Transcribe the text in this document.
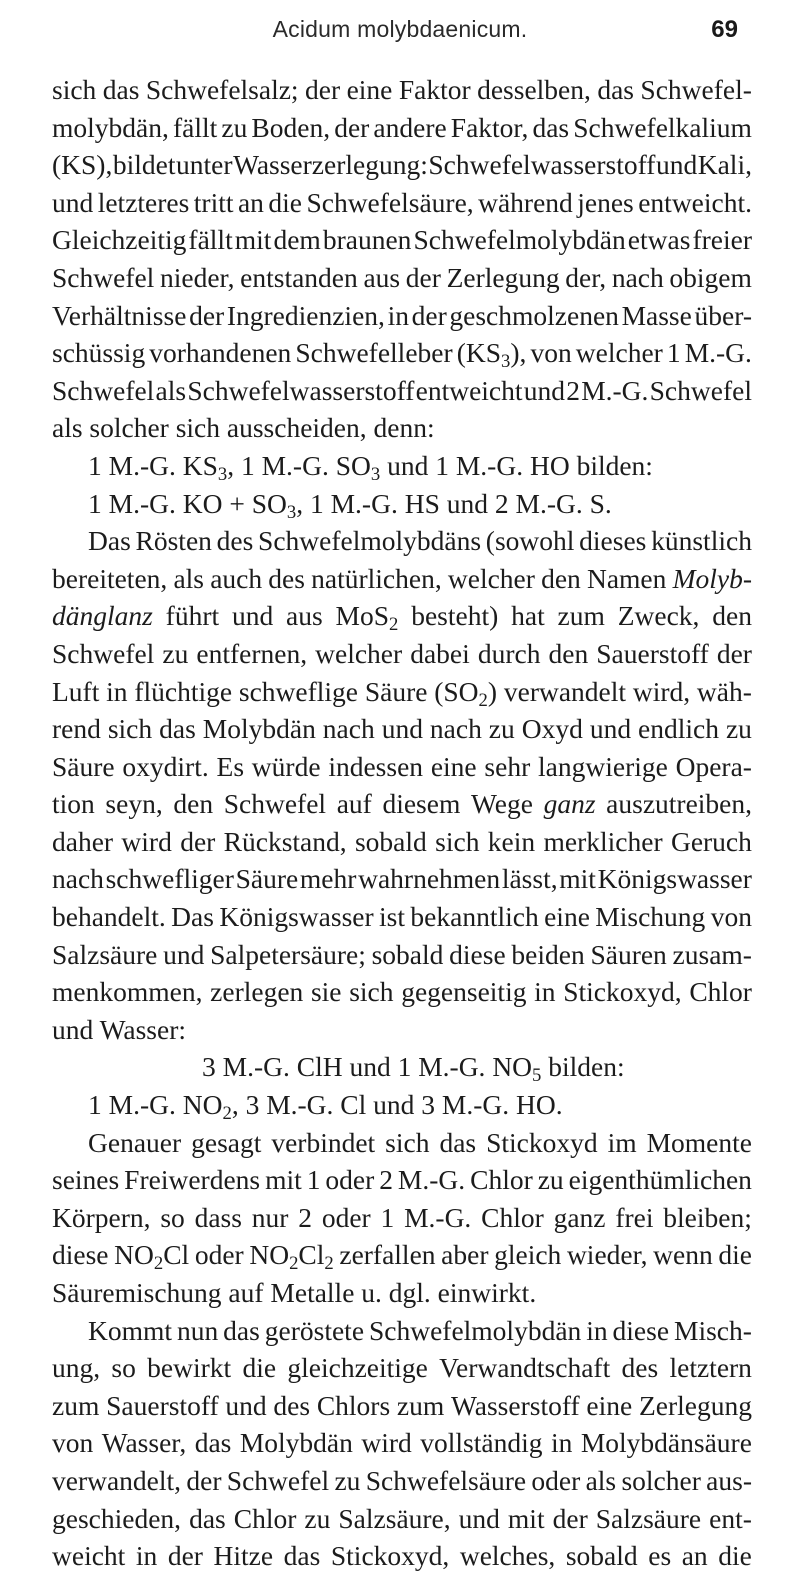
Acidum molybdaenicum.	69
sich das Schwefelsalz; der eine Faktor desselben, das Schwefel-
molybdän, fällt zu Boden, der andere Faktor, das Schwefelkalium
(KS), bildet unter Wasserzerlegung: Schwefelwasserstoff und Kali,
und letzteres tritt an die Schwefelsäure, während jenes entweicht.
Gleichzeitig fällt mit dem braunen Schwefelmolybdän etwas freier
Schwefel nieder, entstanden aus der Zerlegung der, nach obigem
Verhältnisse der Ingredienzien, in der geschmolzenen Masse über-
schüssig vorhandenen Schwefelleber $(KS_3)$, von welcher 1 M.-G.
Schwefel als Schwefelwasserstoff entweicht und 2 M.-G. Schwefel
als solcher sich ausscheiden, denn:
1 M.-G. $KS_3$, 1 M.-G. $SO_3$ und 1 M.-G. HO bilden:
1 M.-G. KO + $SO_3$, 1 M.-G. HS und 2 M.-G. S.
Das Rösten des Schwefelmolybdäns (sowohl dieses künstlich
bereiteten, als auch des natürlichen, welcher den Namen Molyb-
dänglanz führt und aus MoS$_2$ besteht) hat zum Zweck, den
Schwefel zu entfernen, welcher dabei durch den Sauerstoff der
Luft in flüchtige schweflige Säure $(SO_2)$ verwandelt wird, wäh-
rend sich das Molybdän nach und nach zu Oxyd und endlich zu
Säure oxydirt. Es würde indessen eine sehr langwierige Opera-
tion seyn, den Schwefel auf diesem Wege ganz auszutreiben,
daher wird der Rückstand, sobald sich kein merklicher Geruch
nach schwefliger Säure mehr wahrnehmen lässt, mit Königswasser
behandelt. Das Königswasser ist bekanntlich eine Mischung von
Salzsäure und Salpetersäure; sobald diese beiden Säuren zusam-
menkommen, zerlegen sie sich gegenseitig in Stickoxyd, Chlor
und Wasser:
3 M.-G. ClH und 1 M.-G. $NO_5$ bilden:
1 M.-G. $NO_2$, 3 M.-G. Cl und 3 M.-G. HO.
Genauer gesagt verbindet sich das Stickoxyd im Momente
seines Freiwerdens mit 1 oder 2 M.-G. Chlor zu eigenthümlichen
Körpern, so dass nur 2 oder 1 M.-G. Chlor ganz frei bleiben;
diese $NO_2Cl$ oder $NO_2Cl_2$ zerfallen aber gleich wieder, wenn die
Säuremischung auf Metalle u. dgl. einwirkt.
Kommt nun das geröstete Schwefelmolybdän in diese Misch-
ung, so bewirkt die gleichzeitige Verwandtschaft des letztern
zum Sauerstoff und des Chlors zum Wasserstoff eine Zerlegung
von Wasser, das Molybdän wird vollständig in Molybdänsäure
verwandelt, der Schwefel zu Schwefelsäure oder als solcher aus-
geschieden, das Chlor zu Salzsäure, und mit der Salzsäure ent-
weicht in der Hitze das Stickoxyd, welches, sobald es an die
